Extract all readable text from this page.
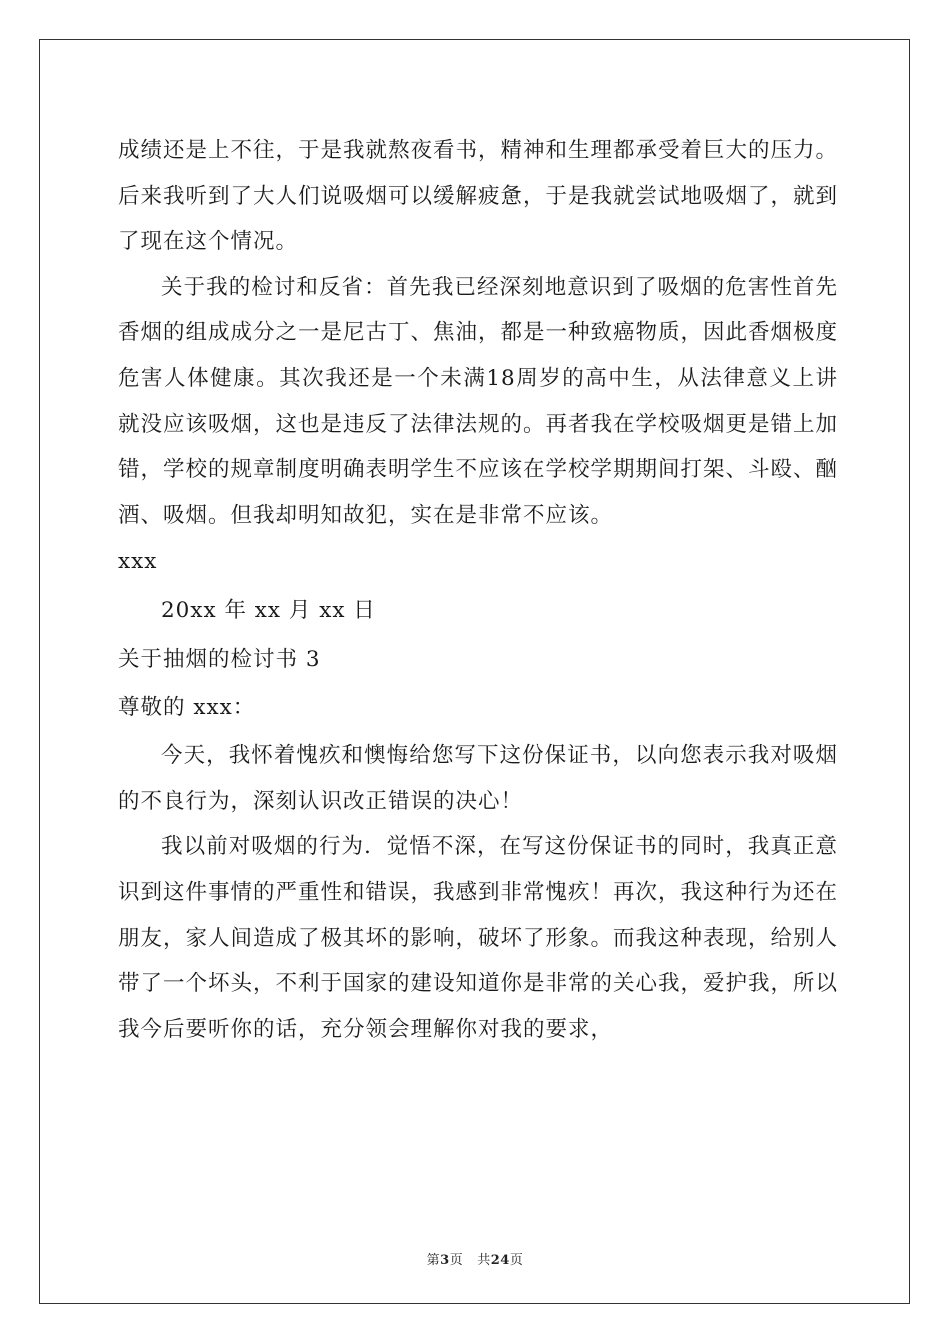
成绩还是上不往，于是我就熬夜看书，精神和生理都承受着巨大的压力。后来我听到了大人们说吸烟可以缓解疲惫，于是我就尝试地吸烟了，就到了现在这个情况。

关于我的检讨和反省：首先我已经深刻地意识到了吸烟的危害性首先香烟的组成成分之一是尼古丁、焦油，都是一种致癌物质，因此香烟极度危害人体健康。其次我还是一个未满18周岁的高中生，从法律意义上讲就没应该吸烟，这也是违反了法律法规的。再者我在学校吸烟更是错上加错，学校的规章制度明确表明学生不应该在学校学期期间打架、斗殴、酗酒、吸烟。但我却明知故犯，实在是非常不应该。

xxx

20xx 年 xx 月 xx 日

关于抽烟的检讨书 3

尊敬的 xxx：

今天，我怀着愧疚和懊悔给您写下这份保证书，以向您表示我对吸烟的不良行为，深刻认识改正错误的决心！

我以前对吸烟的行为．觉悟不深，在写这份保证书的同时，我真正意识到这件事情的严重性和错误，我感到非常愧疚！再次，我这种行为还在朋友，家人间造成了极其坏的影响，破坏了形象。而我这种表现，给别人带了一个坏头，不利于国家的建设知道你是非常的关心我，爱护我，所以我今后要听你的话，充分领会理解你对我的要求，

第3页 共24页
